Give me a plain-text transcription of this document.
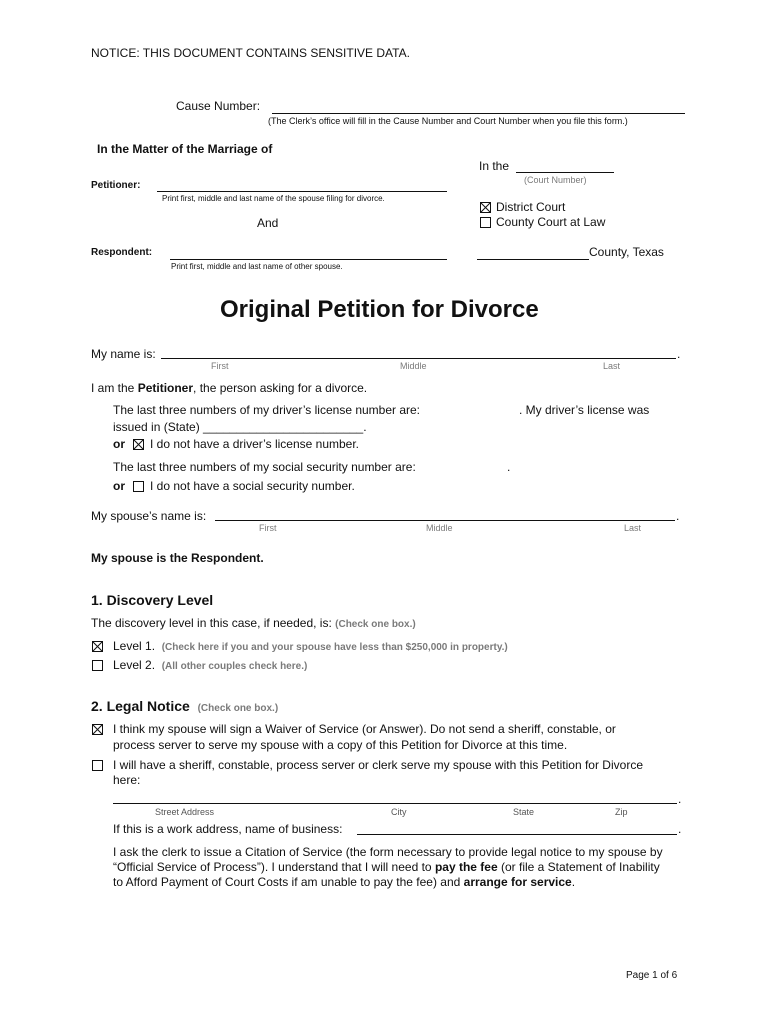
NOTICE: THIS DOCUMENT CONTAINS SENSITIVE DATA.
Cause Number:
(The Clerk’s office will fill in the Cause Number and Court Number when you file this form.)
In the Matter of the Marriage of
In the
(Court Number)
Petitioner:
Print first, middle and last name of the spouse filing for divorce.
District Court
County Court at Law
And
Respondent:
Print first, middle and last name of other spouse.
County, Texas
Original Petition for Divorce
My name is:	.
First	Middle	Last
I am the Petitioner, the person asking for a divorce.
The last three numbers of my driver’s license number are:	. My driver’s license was
issued in (State) ________________________.
or I do not have a driver’s license number.
The last three numbers of my social security number are:	.
or I do not have a social security number.
My spouse’s name is:	.
First	Middle	Last
My spouse is the Respondent.
1. Discovery Level
The discovery level in this case, if needed, is: (Check one box.)
Level 1. (Check here if you and your spouse have less than $250,000 in property.)
Level 2. (All other couples check here.)
2. Legal Notice (Check one box.)
I think my spouse will sign a Waiver of Service (or Answer). Do not send a sheriff, constable, or
process server to serve my spouse with a copy of this Petition for Divorce at this time.
I will have a sheriff, constable, process server or clerk serve my spouse with this Petition for Divorce
here:
.
Street Address	City	State	Zip
If this is a work address, name of business:	.
I ask the clerk to issue a Citation of Service (the form necessary to provide legal notice to my spouse by
“Official Service of Process”). I understand that I will need to pay the fee (or file a Statement of Inability
to Afford Payment of Court Costs if am unable to pay the fee) and arrange for service.
Page 1 of 6
